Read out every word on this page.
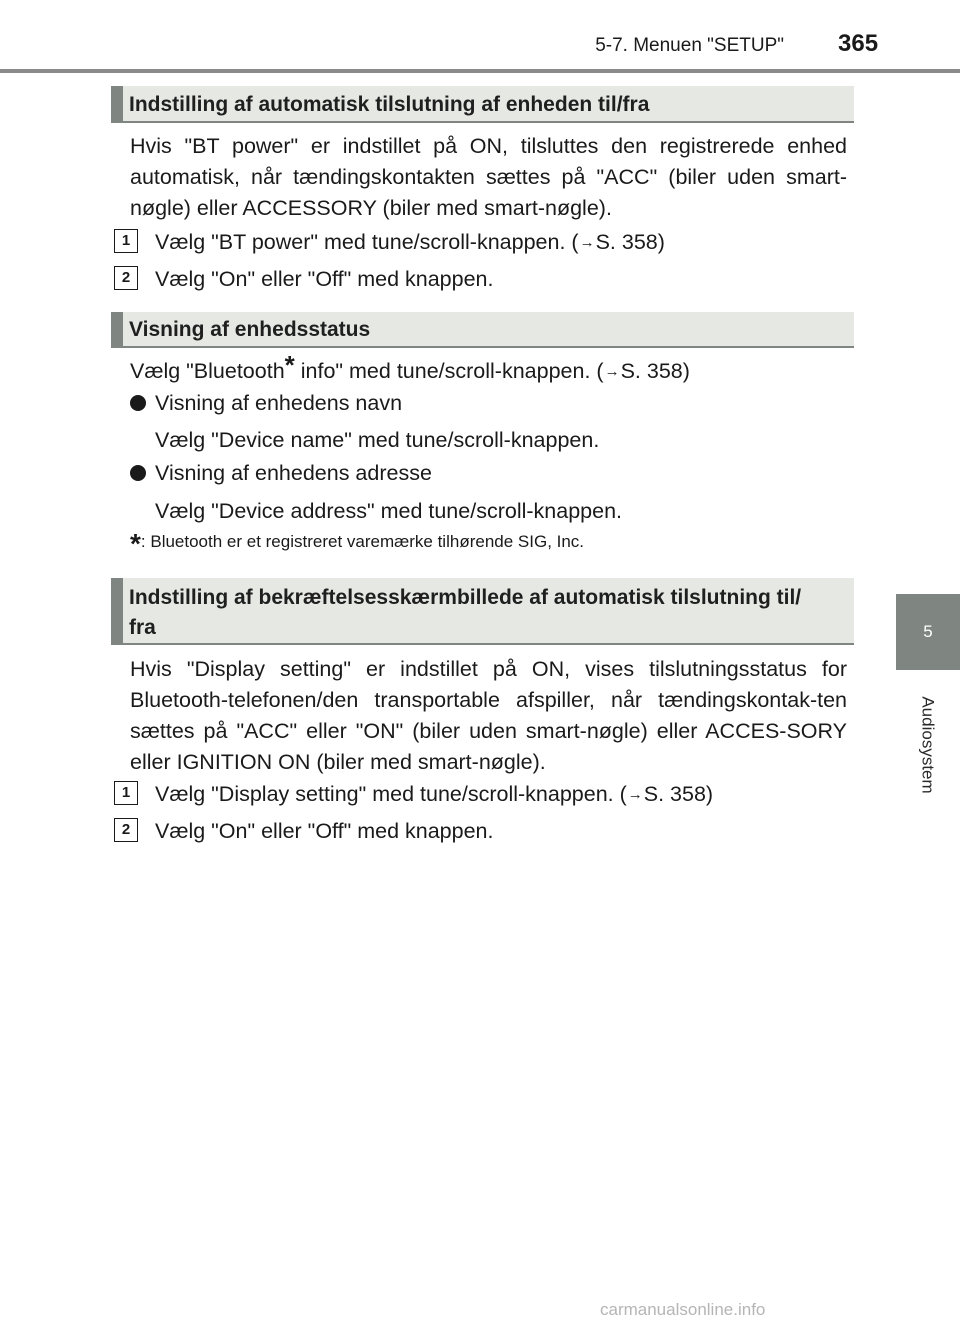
5-7. Menuen "SETUP" 365
5
Audiosystem
Indstilling af automatisk tilslutning af enheden til/fra
Hvis "BT power" er indstillet på ON, tilsluttes den registrerede enhed automatisk, når tændingskontakten sættes på "ACC" (biler uden smart-nøgle) eller ACCESSORY (biler med smart-nøgle).
1	Vælg "BT power" med tune/scroll-knappen. (→S. 358)
2	Vælg "On" eller "Off" med knappen.
Visning af enhedsstatus
Vælg "Bluetooth* info" med tune/scroll-knappen. (→S. 358)
Visning af enhedens navn
Vælg "Device name" med tune/scroll-knappen.
Visning af enhedens adresse
Vælg "Device address" med tune/scroll-knappen.
*: Bluetooth er et registreret varemærke tilhørende SIG, Inc.
Indstilling af bekræftelsesskærmbillede af automatisk tilslutning til/
fra
Hvis "Display setting" er indstillet på ON, vises tilslutningsstatus for Bluetooth-telefonen/den transportable afspiller, når tændingskontak-ten sættes på "ACC" eller "ON" (biler uden smart-nøgle) eller ACCES-SORY eller IGNITION ON (biler med smart-nøgle).
1	Vælg "Display setting" med tune/scroll-knappen. (→S. 358)
2	Vælg "On" eller "Off" med knappen.
carmanualsonline.info
